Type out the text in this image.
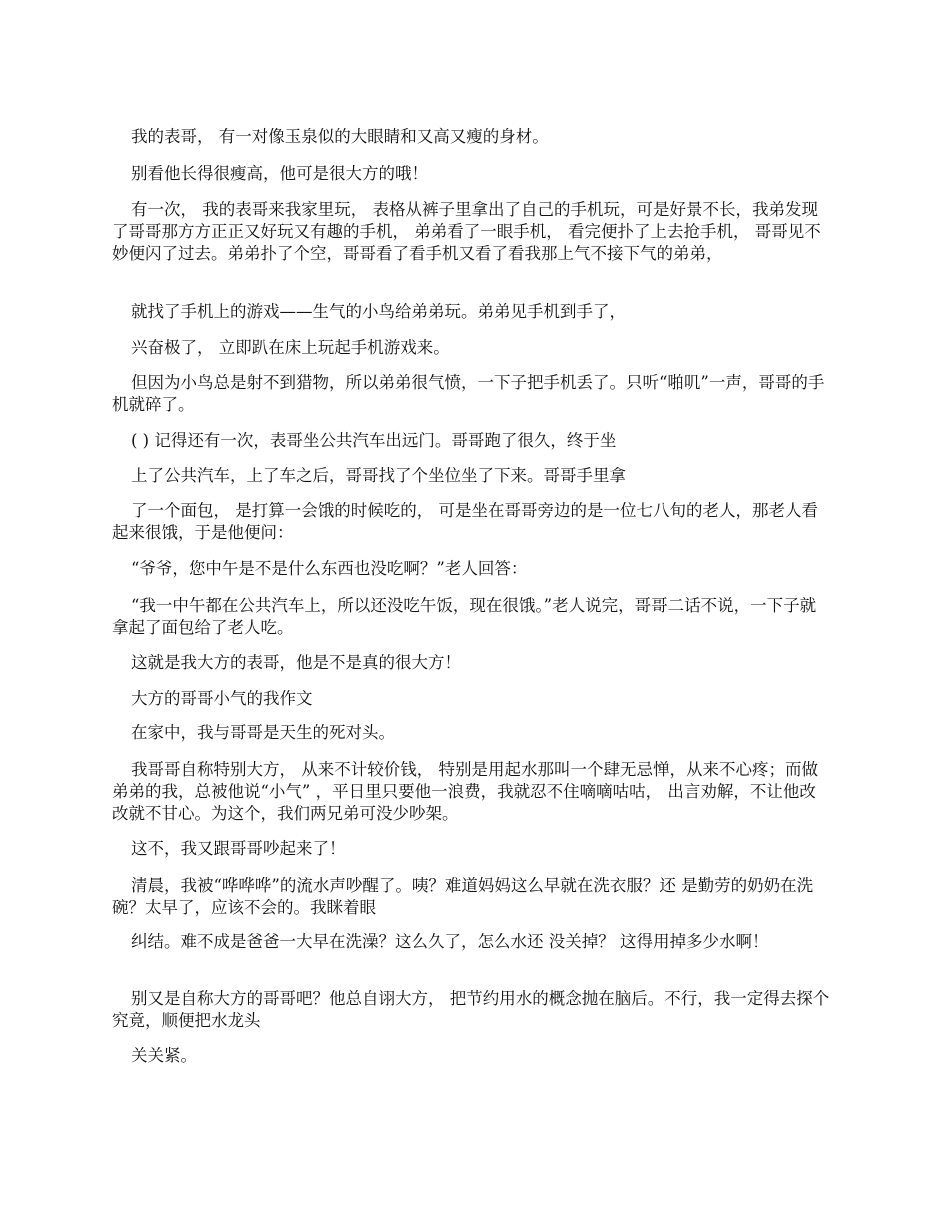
我的表哥， 有一对像玉泉似的大眼睛和又高又瘦的身材。

别看他长得很瘦高，他可是很大方的哦！

有一次， 我的表哥来我家里玩， 表格从裤子里拿出了自己的手机玩，可是好景不长，我弟发现了哥哥那方方正正又好玩又有趣的手机， 弟弟看了一眼手机， 看完便扑了上去抢手机， 哥哥见不妙便闪了过去。弟弟扑了个空，哥哥看了看手机又看了看我那上气不接下气的弟弟，

就找了手机上的游戏——生气的小鸟给弟弟玩。弟弟见手机到手了，

兴奋极了， 立即趴在床上玩起手机游戏来。

但因为小鸟总是射不到猎物，所以弟弟很气愤，一下子把手机丢了。只听“啪叽”一声，哥哥的手机就碎了。

( ) 记得还有一次，表哥坐公共汽车出远门。哥哥跑了很久，终于坐

上了公共汽车，上了车之后，哥哥找了个坐位坐了下来。哥哥手里拿

了一个面包， 是打算一会饿的时候吃的， 可是坐在哥哥旁边的是一位七八旬的老人，那老人看起来很饿，于是他便问：

“爷爷，您中午是不是什么东西也没吃啊？”老人回答：

“我一中午都在公共汽车上，所以还没吃午饭，现在很饿。”老人说完，哥哥二话不说，一下子就拿起了面包给了老人吃。

这就是我大方的表哥，他是不是真的很大方！

大方的哥哥小气的我作文

在家中，我与哥哥是天生的死对头。

我哥哥自称特别大方， 从来不计较价钱， 特别是用起水那叫一个肆无忌惮，从来不心疼；而做弟弟的我，总被他说“小气” ，平日里只要他一浪费，我就忍不住嘀嘀咕咕， 出言劝解，不让他改改就不甘心。为这个，我们两兄弟可没少吵架。

这不，我又跟哥哥吵起来了！

清晨，我被“哗哗哗”的流水声吵醒了。咦？难道妈妈这么早就在洗衣服？还 是勤劳的奶奶在洗碗？太早了，应该不会的。我眯着眼

纠结。难不成是爸爸一大早在洗澡？这么久了，怎么水还 没关掉？ 这得用掉多少水啊！

别又是自称大方的哥哥吧？他总自诩大方， 把节约用水的概念抛在脑后。不行，我一定得去探个究竟，顺便把水龙头

关关紧。
